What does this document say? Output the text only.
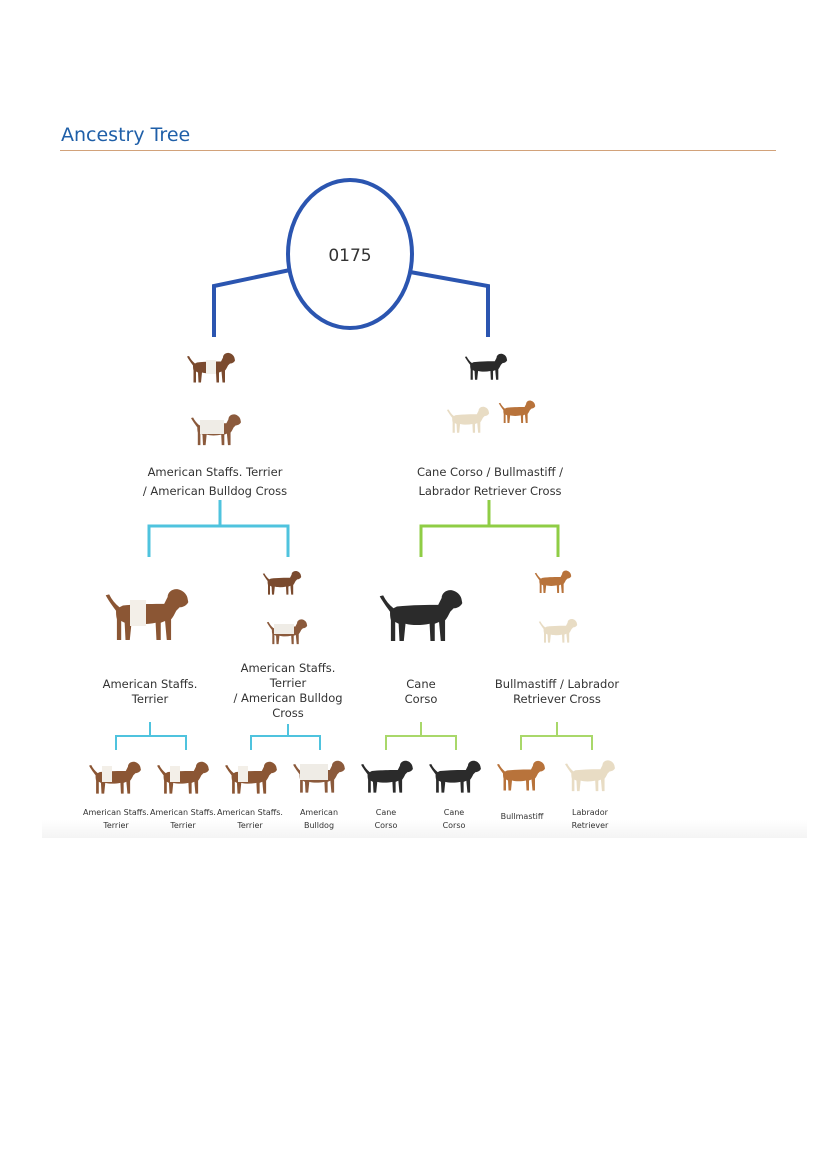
Ancestry Tree
0175
American Staffs. Terrier
/ American Bulldog Cross
Cane Corso / Bullmastiff /
Labrador Retriever Cross
American Staffs.
Terrier
American Staffs.
Terrier
/ American Bulldog
Cross
Cane
Corso
Bullmastiff / Labrador
Retriever Cross
American Staffs.
Terrier
American Staffs.
Terrier
American Staffs.
Terrier
American
Bulldog
Cane
Corso
Cane
Corso
Bullmastiff	Labrador
Retriever
